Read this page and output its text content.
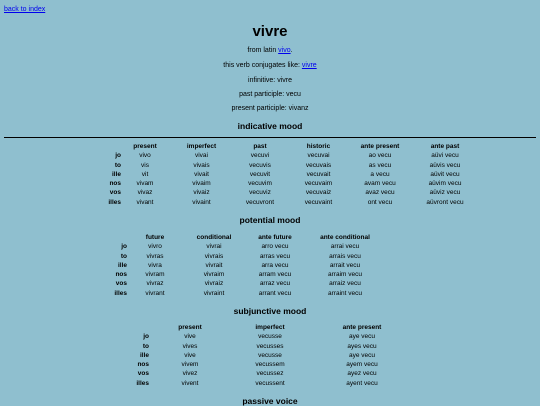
back to index
vivre
from latin vivo.
this verb conjugates like: vivre
infinitive: vivre
past participle: vecu
present participle: vivanz
indicative mood
	present	imperfect	past	historic	ante present	ante past
jo	vivo	vivai	vecuvi	vecuvai	ao vecu	aüvi vecu
to	vis	vivais	vecuvis	vecuvais	as vecu	aüvis vecu
ille	vit	vivait	vecuvit	vecuvait	a vecu	aüvit vecu
nos	vivam	vivaim	vecuvim	vecuvaim	avam vecu	aüvim vecu
vos	vivaz	vivaiz	vecuviz	vecuvaiz	avaz vecu	aüviz vecu
illes	vivant	vivaint	vecuvront	vecuvaint	ont vecu	aüvront vecu
potential mood
	future	conditional	ante future	ante conditional
jo	vivro	vivrai	arro vecu	arrai vecu
to	vivras	vivrais	arras vecu	arrais vecu
ille	vivra	vivrait	arra vecu	arrait vecu
nos	vivram	vivraim	arram vecu	arraim vecu
vos	vivraz	vivraiz	arraz vecu	arraiz vecu
illes	vivrant	vivraint	arrant vecu	arraint vecu
subjunctive mood
	present	imperfect	ante present
jo	vive	vecusse	aye vecu
to	vives	vecusses	ayes vecu
ille	vive	vecusse	aye vecu
nos	vivem	vecussem	ayem vecu
vos	vivez	vecussez	ayez vecu
illes	vivent	vecussent	ayent vecu
passive voice
